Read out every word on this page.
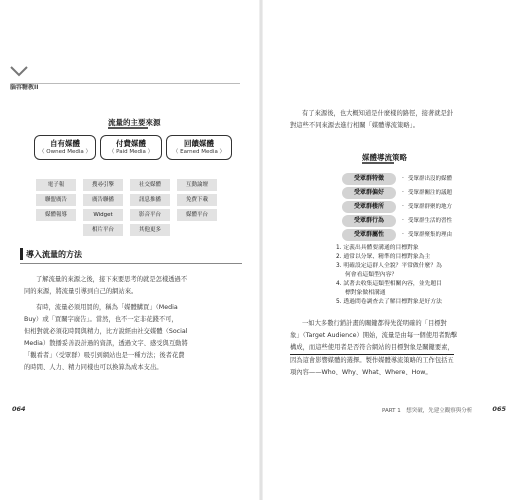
腦容糖教II
流量的主要來源
自有媒體
（ Owned Media ）
付費媒體
（ Paid Media ）
回饋媒體
（ Earned Media ）
電子報	搜尋引擎	社交媒體	互動論壇
聯盟廣告	廣告聯播	訊息推播	免費下載
媒體報導	Widget	影音平台	媒體平台
相片平台	其他更多
導入流量的方法

了解流量的來源之後，接下來要思考的就是怎樣透過不

同的來源，將流量引導到自己的網站來。

有時，流量必須用買的，稱為「媒體購買」（Media

Buy）或「買關字廣告」。當然，也不一定非花錢不可，

但相對就必須花時間與精力，比方說經由社交媒體（Social

Media）散播妥善設計過的資訊，透過文字、感受與互動將

「觀看者」（受眾群）吸引到網站也是一種方法；後者花費

的時間、人力、精力同樣也可以換算為成本支出。

064

有了來源後，也大概知道是什麼樣的路徑，接著就是針

對這些不同來源去進行相關「媒體導流策略」。

媒體導流策略
受眾群特徵	· 受眾群出沒的媒體
受眾群偏好	· 受眾群關注的議題
受眾群棲所	· 受眾群群聚的地方
受眾群行為	· 受眾群生活的習性
受眾群屬性	· 受眾群聚集的理由
1. 定義出具體要溝通的目標對象
2. 通常以分眾、精準的目標對象為主
3. 明確設定這群人全貌？平常做什麼？為
何會看這類型內容？
4. 試著去收集這類型相關內容，並先題目
標對象做相溝通
5. 透過問卷調查去了解目標對象是好方法

一如大多數行銷計畫的關鍵都得先從明確的「目標對

象」（Target Audience）開始，流量是由每一個使用者點擊

構成，而這些使用者是否符合網站的目標對象是關鍵要素，

因為這會影響媒體的選擇。製作媒體導流策略的工作包括五

項內容——Who、Why、What、Where、How。

PART 1　想突破，先建立觀察與分析	065
